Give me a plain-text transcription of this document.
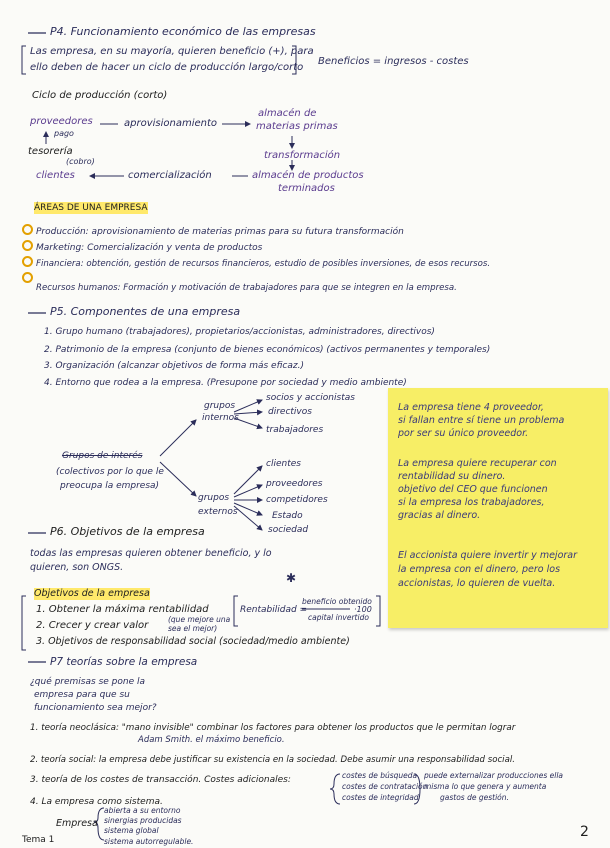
✱
P4. Funcionamiento económico de las empresas
Las empresa, en su mayoría, quieren beneficio (+), para
ello deben de hacer un ciclo de producción largo/corto
Beneficios = ingresos - costes
Ciclo de producción (corto)
proveedores	aprovisionamiento
almacén de
materias primas
pago
tesorería
(cobro)
transformación
clientes	comercialización	almacén de productos
terminados
ÁREAS DE UNA EMPRESA
Producción: aprovisionamiento de materias primas para su futura transformación
Marketing: Comercialización y venta de productos
Financiera: obtención, gestión de recursos financieros, estudio de posibles inversiones, de esos recursos.
Recursos humanos: Formación y motivación de trabajadores para que se integren en la empresa.
P5. Componentes de una empresa
1. Grupo humano (trabajadores), propietarios/accionistas, administradores, directivos)
2. Patrimonio de la empresa (conjunto de bienes económicos) (activos permanentes y temporales)
3. Organización (alcanzar objetivos de forma más eficaz.)
4. Entorno que rodea a la empresa. (Presupone por sociedad y medio ambiente)
grupos
internos
socios y accionistas
directivos
trabajadores
Grupos de interés
(colectivos por lo que le
preocupa la empresa)
grupos
externos
clientes
proveedores
competidores
Estado
sociedad
La empresa tiene 4 proveedor,
si fallan entre sí tiene un problema
por ser su único proveedor.
La empresa quiere recuperar con
rentabilidad su dinero.
objetivo del CEO que funcionen
si la empresa los trabajadores,
gracias al dinero.
El accionista quiere invertir y mejorar
la empresa con el dinero, pero los
accionistas, lo quieren de vuelta.
P6. Objetivos de la empresa
todas las empresas quieren obtener beneficio, y lo
quieren, son ONGS.
Objetivos de la empresa
1. Obtener la máxima rentabilidad
2. Crecer y crear valor
(que mejore una
sea el mejor)
3. Objetivos de responsabilidad social (sociedad/medio ambiente)
Rentabilidad =
beneficio obtenido
capital invertido
·100
P7 teorías sobre la empresa
¿qué premisas se pone la
empresa para que su
funcionamiento sea mejor?
1. teoría neoclásica: "mano invisible" combinar los factores para obtener los productos que le permitan lograr
Adam Smith. el máximo beneficio.
2. teoría social: la empresa debe justificar su existencia en la sociedad. Debe asumir una responsabilidad social.
3. teoría de los costes de transacción. Costes adicionales:	costes de búsqueda
costes de contratación
costes de integridad
puede externalizar producciones ella
misma lo que genera y aumenta
gastos de gestión.
4. La empresa como sistema.
Empresa
abierta a su entorno
sinergias producidas
sistema global
sistema autorregulable.
Tema 1	2
